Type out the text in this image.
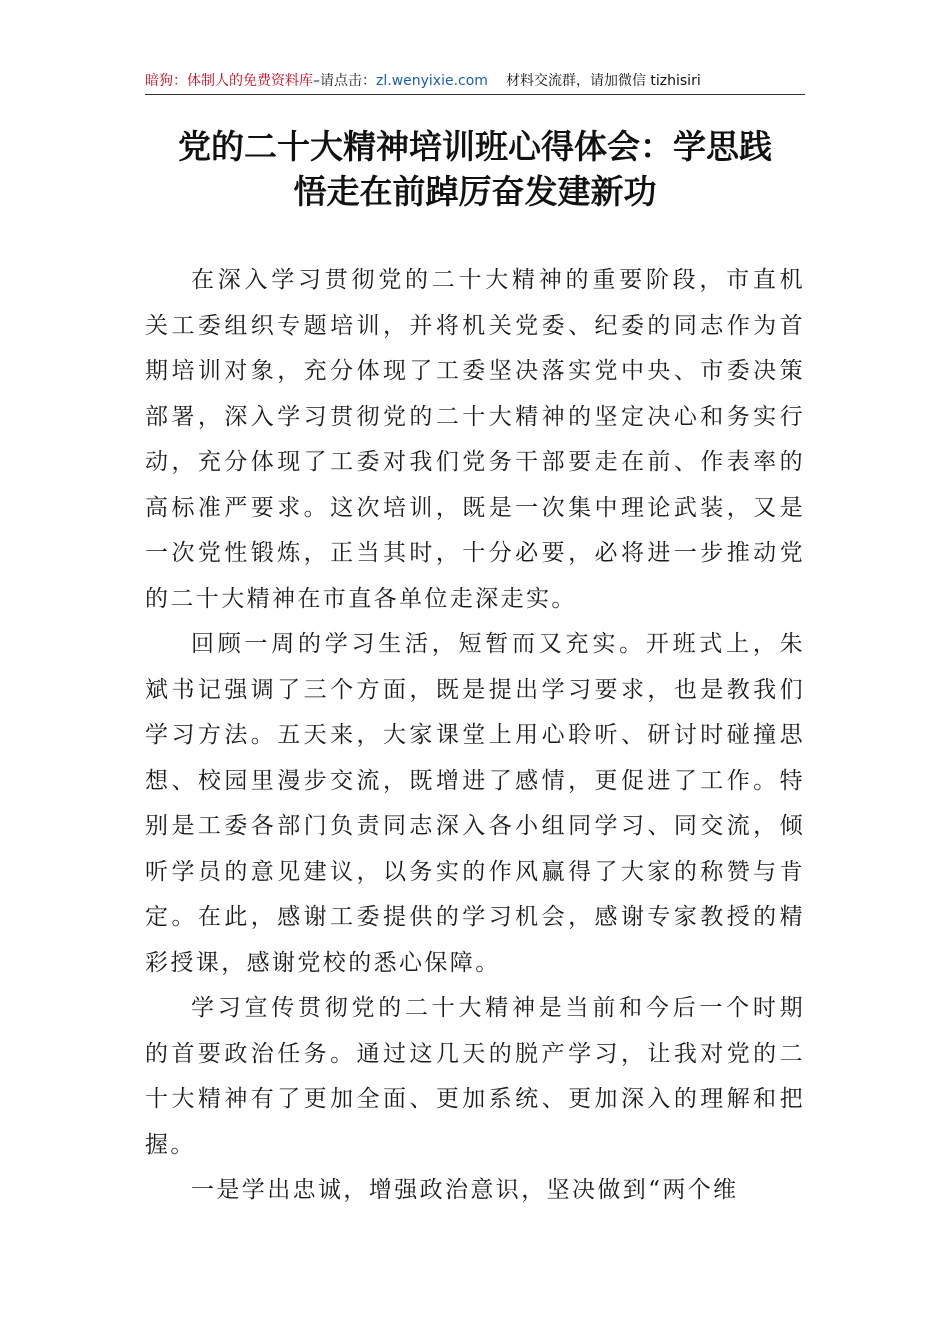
暗狗：体制人的免费资料库–请点击：zl.wenyixie.com 材料交流群，请加微信 tizhisiri
党的二十大精神培训班心得体会：学思践
悟走在前踔厉奋发建新功
在深入学习贯彻党的二十大精神的重要阶段，市直机
关工委组织专题培训，并将机关党委、纪委的同志作为首
期培训对象，充分体现了工委坚决落实党中央、市委决策
部署，深入学习贯彻党的二十大精神的坚定决心和务实行
动，充分体现了工委对我们党务干部要走在前、作表率的
高标准严要求。这次培训，既是一次集中理论武装，又是
一次党性锻炼，正当其时，十分必要，必将进一步推动党
的二十大精神在市直各单位走深走实。
回顾一周的学习生活，短暂而又充实。开班式上，朱
斌书记强调了三个方面，既是提出学习要求，也是教我们
学习方法。五天来，大家课堂上用心聆听、研讨时碰撞思
想、校园里漫步交流，既增进了感情，更促进了工作。特
别是工委各部门负责同志深入各小组同学习、同交流，倾
听学员的意见建议，以务实的作风赢得了大家的称赞与肯
定。在此，感谢工委提供的学习机会，感谢专家教授的精
彩授课，感谢党校的悉心保障。
学习宣传贯彻党的二十大精神是当前和今后一个时期
的首要政治任务。通过这几天的脱产学习，让我对党的二
十大精神有了更加全面、更加系统、更加深入的理解和把
握。
一是学出忠诚，增强政治意识，坚决做到“两个维
